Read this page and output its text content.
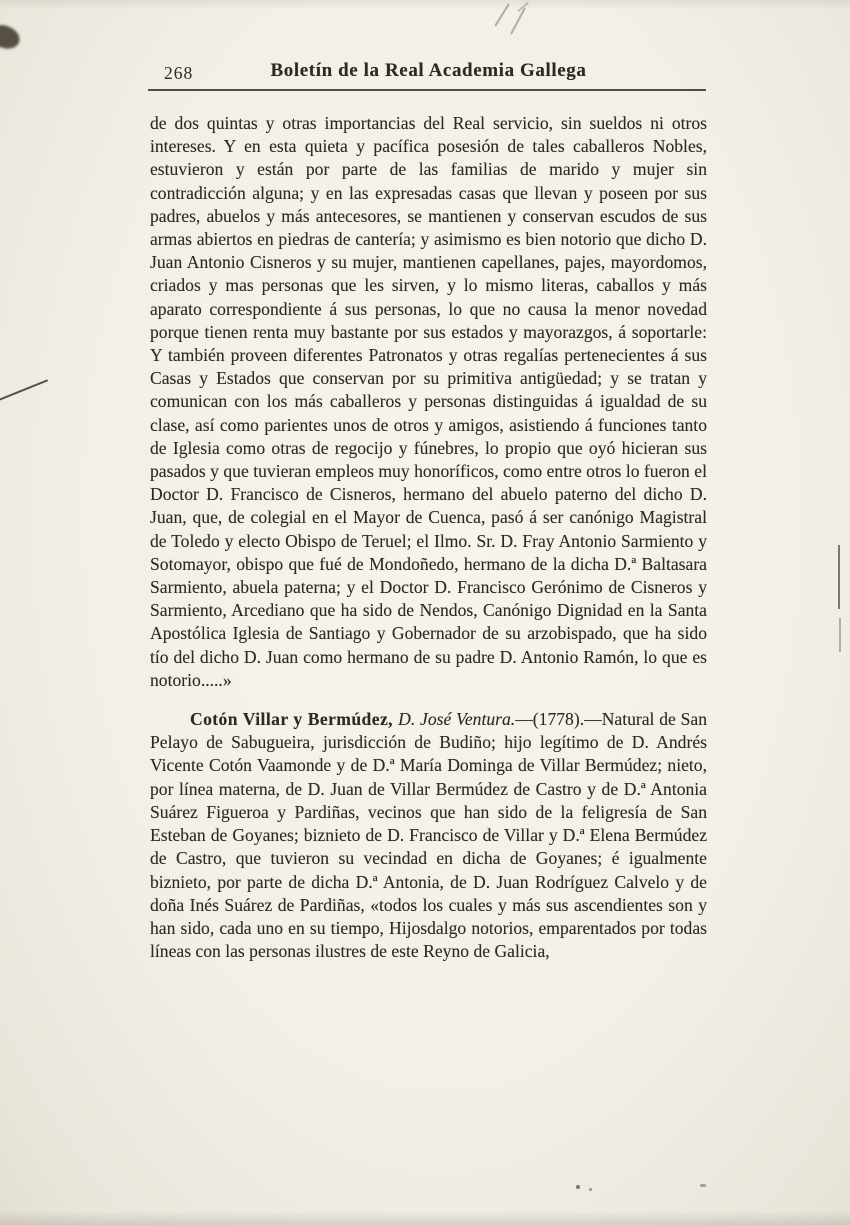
268	Boletín de la Real Academia Gallega

de dos quintas y otras importancias del Real servicio, sin sueldos ni otros intereses. Y en esta quieta y pacífica posesión de tales caballeros Nobles, estuvieron y están por parte de las familias de marido y mujer sin contradicción alguna; y en las expresadas casas que llevan y poseen por sus padres, abuelos y más antecesores, se mantienen y conservan escudos de sus armas abiertos en piedras de cantería; y asimismo es bien notorio que dicho D. Juan Antonio Cisneros y su mujer, mantienen capellanes, pajes, mayordomos, criados y mas personas que les sirven, y lo mismo literas, caballos y más aparato correspondiente á sus personas, lo que no causa la menor novedad porque tienen renta muy bastante por sus estados y mayorazgos, á soportarle: Y también proveen diferentes Patronatos y otras regalías pertenecientes á sus Casas y Estados que conservan por su primitiva antigüedad; y se tratan y comunican con los más caballeros y personas distinguidas á igualdad de su clase, así como parientes unos de otros y amigos, asistiendo á funciones tanto de Iglesia como otras de regocijo y fúnebres, lo propio que oyó hicieran sus pasados y que tuvieran empleos muy honoríficos, como entre otros lo fueron el Doctor D. Francisco de Cisneros, hermano del abuelo paterno del dicho D. Juan, que, de colegial en el Mayor de Cuenca, pasó á ser canónigo Magistral de Toledo y electo Obispo de Teruel; el Ilmo. Sr. D. Fray Antonio Sarmiento y Sotomayor, obispo que fué de Mondoñedo, hermano de la dicha D.ª Baltasara Sarmiento, abuela paterna; y el Doctor D. Francisco Gerónimo de Cisneros y Sarmiento, Arcediano que ha sido de Nendos, Canónigo Dignidad en la Santa Apostólica Iglesia de Santiago y Gobernador de su arzobispado, que ha sido tío del dicho D. Juan como hermano de su padre D. Antonio Ramón, lo que es notorio.....»

Cotón Villar y Bermúdez, D. José Ventura.—(1778).—Natural de San Pelayo de Sabugueira, jurisdicción de Budiño; hijo legítimo de D. Andrés Vicente Cotón Vaamonde y de D.ª María Dominga de Villar Bermúdez; nieto, por línea materna, de D. Juan de Villar Bermúdez de Castro y de D.ª Antonia Suárez Figueroa y Pardiñas, vecinos que han sido de la feligresía de San Esteban de Goyanes; biznieto de D. Francisco de Villar y D.ª Elena Bermúdez de Castro, que tuvieron su vecindad en dicha de Goyanes; é igualmente biznieto, por parte de dicha D.ª Antonia, de D. Juan Rodríguez Calvelo y de doña Inés Suárez de Pardiñas, «todos los cuales y más sus ascendientes son y han sido, cada uno en su tiempo, Hijosdalgo notorios, emparentados por todas líneas con las personas ilustres de este Reyno de Galicia,
